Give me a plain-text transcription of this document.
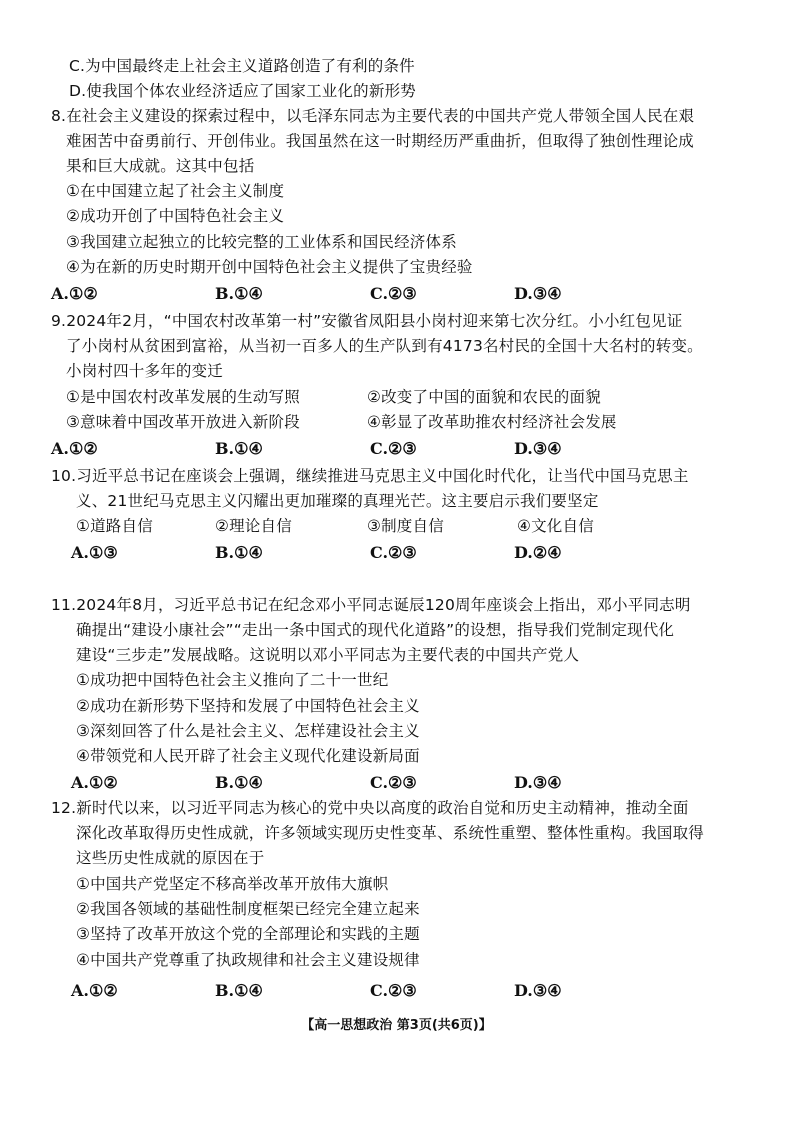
C.为中国最终走上社会主义道路创造了有利的条件
D.使我国个体农业经济适应了国家工业化的新形势
8.在社会主义建设的探索过程中，以毛泽东同志为主要代表的中国共产党人带领全国人民在艰
难困苦中奋勇前行、开创伟业。我国虽然在这一时期经历严重曲折，但取得了独创性理论成
果和巨大成就。这其中包括
①在中国建立起了社会主义制度
②成功开创了中国特色社会主义
③我国建立起独立的比较完整的工业体系和国民经济体系
④为在新的历史时期开创中国特色社会主义提供了宝贵经验
A.①②	B.①④	C.②③	D.③④
9.2024年2月，“中国农村改革第一村”安徽省凤阳县小岗村迎来第七次分红。小小红包见证
了小岗村从贫困到富裕，从当初一百多人的生产队到有4173名村民的全国十大名村的转变。
小岗村四十多年的变迁
①是中国农村改革发展的生动写照	②改变了中国的面貌和农民的面貌
③意味着中国改革开放进入新阶段	④彰显了改革助推农村经济社会发展
A.①②	B.①④	C.②③	D.③④
10.习近平总书记在座谈会上强调，继续推进马克思主义中国化时代化，让当代中国马克思主
义、21世纪马克思主义闪耀出更加璀璨的真理光芒。这主要启示我们要坚定
①道路自信	②理论自信	③制度自信	④文化自信
A.①③	B.①④	C.②③	D.②④
11.2024年8月，习近平总书记在纪念邓小平同志诞辰120周年座谈会上指出，邓小平同志明
确提出“建设小康社会”“走出一条中国式的现代化道路”的设想，指导我们党制定现代化
建设“三步走”发展战略。这说明以邓小平同志为主要代表的中国共产党人
①成功把中国特色社会主义推向了二十一世纪
②成功在新形势下坚持和发展了中国特色社会主义
③深刻回答了什么是社会主义、怎样建设社会主义
④带领党和人民开辟了社会主义现代化建设新局面
A.①②	B.①④	C.②③	D.③④
12.新时代以来，以习近平同志为核心的党中央以高度的政治自觉和历史主动精神，推动全面
深化改革取得历史性成就，许多领域实现历史性变革、系统性重塑、整体性重构。我国取得
这些历史性成就的原因在于
①中国共产党坚定不移高举改革开放伟大旗帜
②我国各领域的基础性制度框架已经完全建立起来
③坚持了改革开放这个党的全部理论和实践的主题
④中国共产党尊重了执政规律和社会主义建设规律
A.①②	B.①④	C.②③	D.③④
【高一思想政治 第3页(共6页)】
